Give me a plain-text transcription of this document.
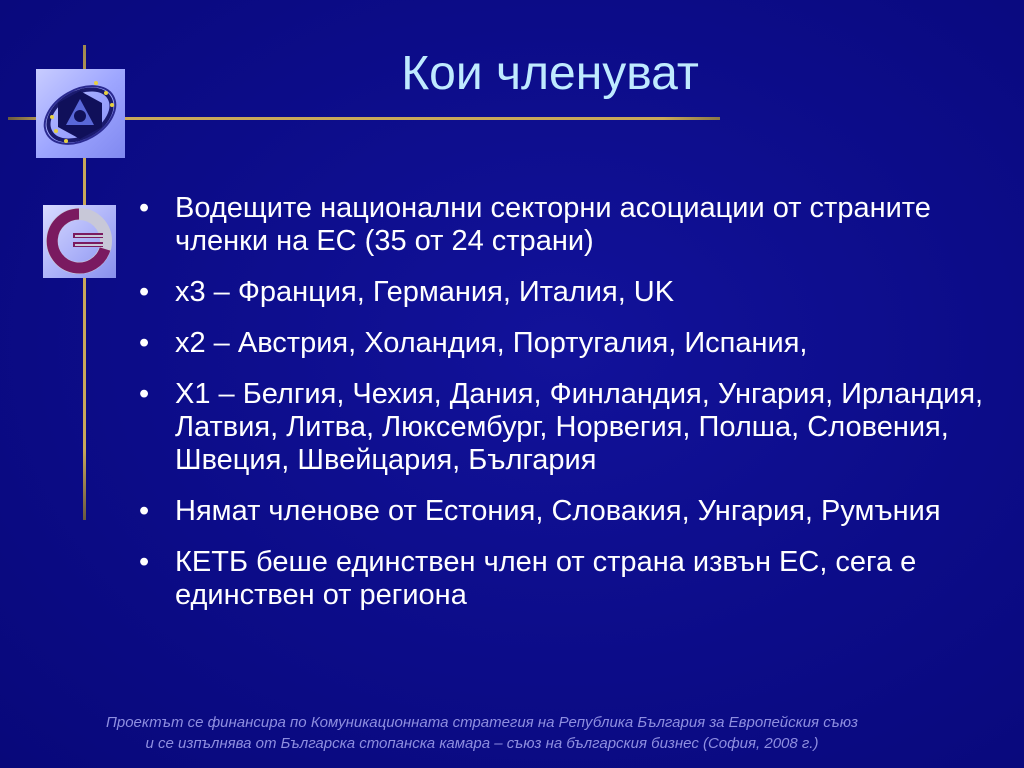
Кои членуват
• Водещите национални секторни асоциации от страните членки на ЕС (35 от 24 страни)
• x3 – Франция, Германия, Италия, UK
• x2 – Австрия, Холандия, Португалия, Испания,
• X1 – Белгия, Чехия, Дания, Финландия, Унгария, Ирландия, Латвия, Литва, Люксембург, Норвегия, Полша, Словения, Швеция, Швейцария, България
• Нямат членове от Естония, Словакия, Унгария, Румъния
• КЕТБ беше единствен член от страна извън ЕС, сега е единствен от региона
Проектът се финансира по Комуникационната стратегия на Република България за Европейския съюз
и се изпълнява от Българска стопанска камара – съюз на българския бизнес (София, 2008 г.)
